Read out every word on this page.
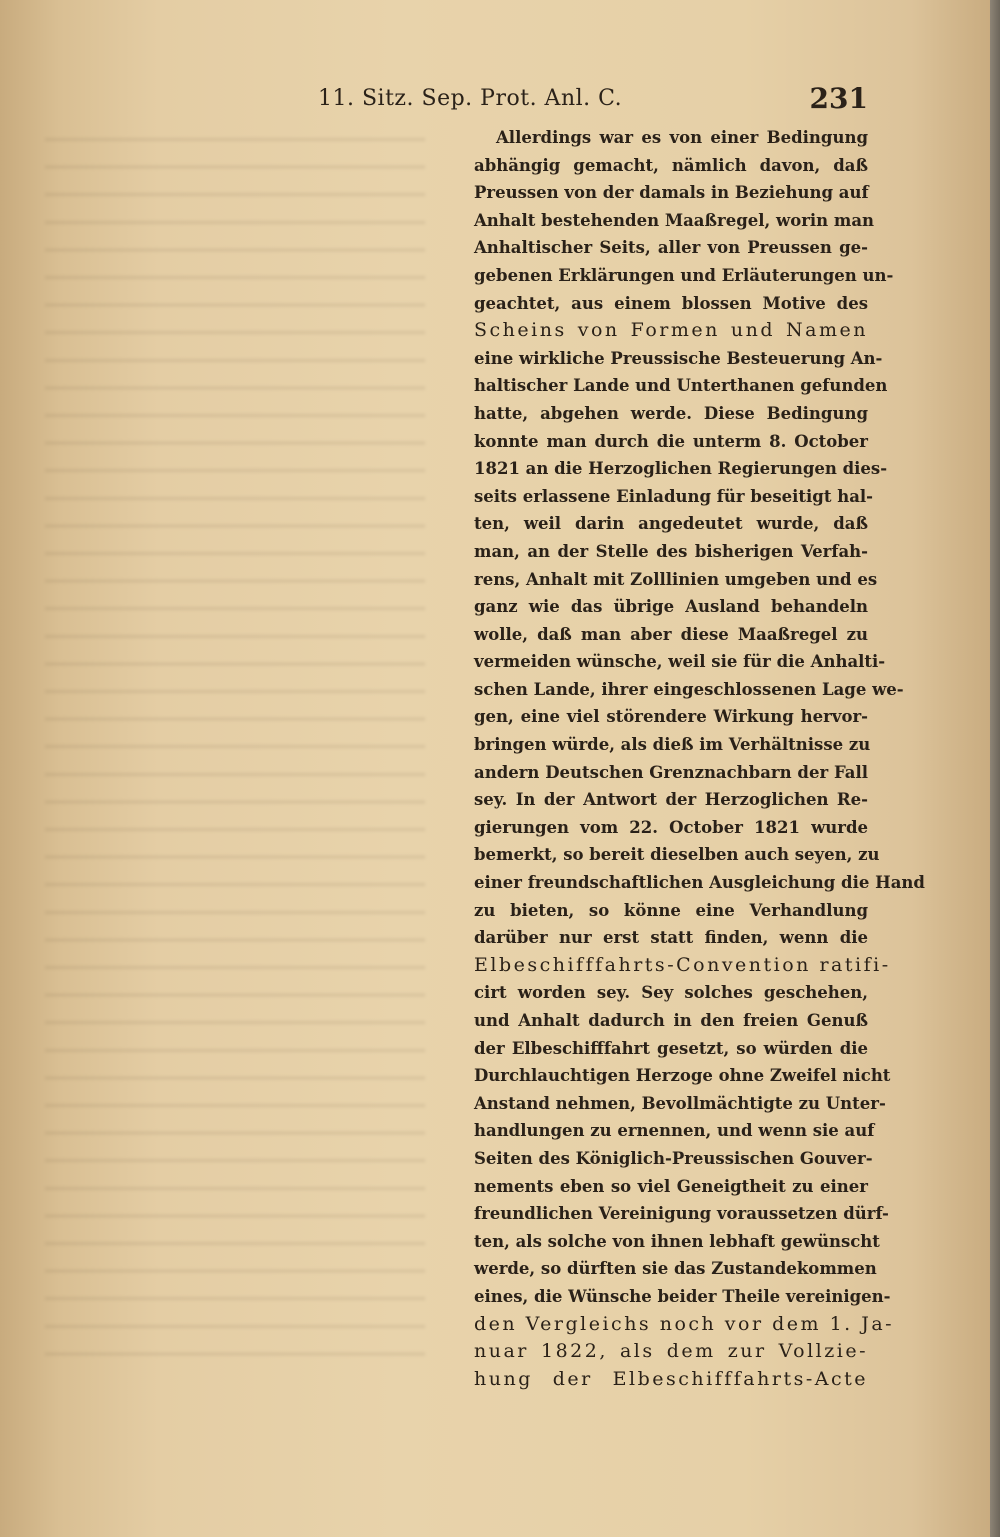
11. Sitz. Sep. Prot. Anl. C.	231
Allerdings war es von einer Bedingung
abhängig gemacht, nämlich davon, daß
Preussen von der damals in Beziehung auf
Anhalt bestehenden Maaßregel, worin man
Anhaltischer Seits, aller von Preussen ge-
gebenen Erklärungen und Erläuterungen un-
geachtet, aus einem blossen Motive des
Scheins von Formen und Namen
eine wirkliche Preussische Besteuerung An-
haltischer Lande und Unterthanen gefunden
hatte, abgehen werde. Diese Bedingung
konnte man durch die unterm 8. October
1821 an die Herzoglichen Regierungen dies-
seits erlassene Einladung für beseitigt hal-
ten, weil darin angedeutet wurde, daß
man, an der Stelle des bisherigen Verfah-
rens, Anhalt mit Zolllinien umgeben und es
ganz wie das übrige Ausland behandeln
wolle, daß man aber diese Maaßregel zu
vermeiden wünsche, weil sie für die Anhalti-
schen Lande, ihrer eingeschlossenen Lage we-
gen, eine viel störendere Wirkung hervor-
bringen würde, als dieß im Verhältnisse zu
andern Deutschen Grenznachbarn der Fall
sey. In der Antwort der Herzoglichen Re-
gierungen vom 22. October 1821 wurde
bemerkt, so bereit dieselben auch seyen, zu
einer freundschaftlichen Ausgleichung die Hand
zu bieten, so könne eine Verhandlung
darüber nur erst statt finden, wenn die
Elbeschifffahrts-Convention ratifi-
cirt worden sey. Sey solches geschehen,
und Anhalt dadurch in den freien Genuß
der Elbeschifffahrt gesetzt, so würden die
Durchlauchtigen Herzoge ohne Zweifel nicht
Anstand nehmen, Bevollmächtigte zu Unter-
handlungen zu ernennen, und wenn sie auf
Seiten des Königlich-Preussischen Gouver-
nements eben so viel Geneigtheit zu einer
freundlichen Vereinigung voraussetzen dürf-
ten, als solche von ihnen lebhaft gewünscht
werde, so dürften sie das Zustandekommen
eines, die Wünsche beider Theile vereinigen-
den Vergleichs noch vor dem 1. Ja-
nuar 1822, als dem zur Vollzie-
hung der Elbeschifffahrts-Acte
